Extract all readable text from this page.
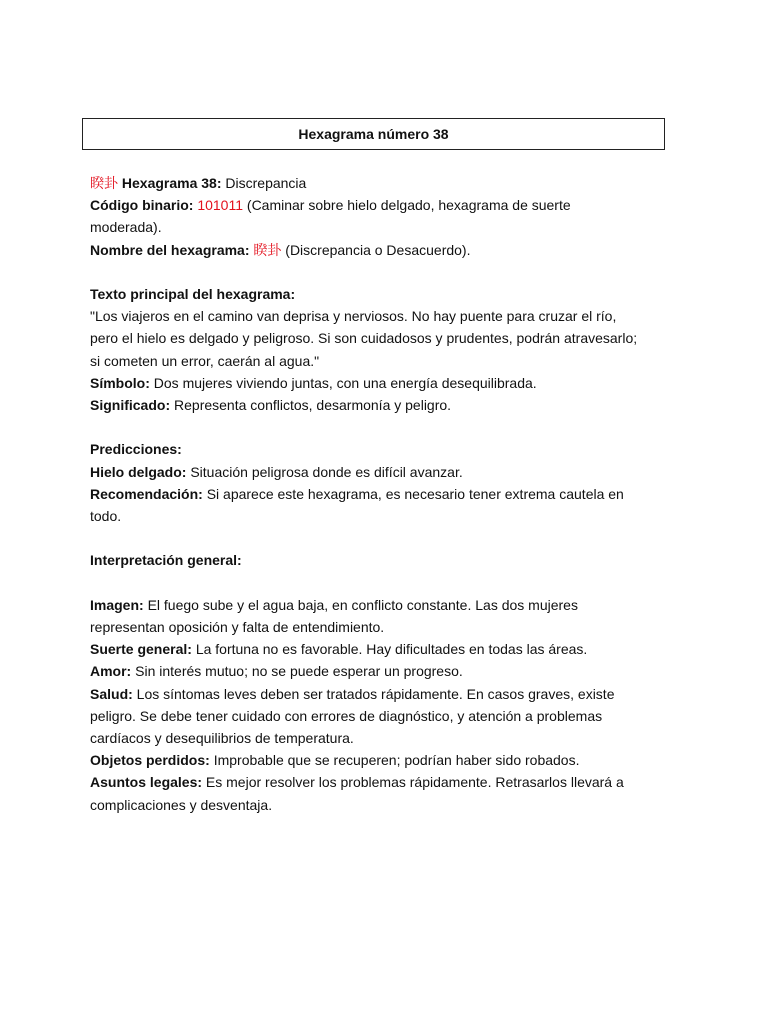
Hexagrama número 38

睽卦 Hexagrama 38: Discrepancia

Código binario: 101011 (Caminar sobre hielo delgado, hexagrama de suerte

moderada).

Nombre del hexagrama: 睽卦 (Discrepancia o Desacuerdo).

Texto principal del hexagrama:

"Los viajeros en el camino van deprisa y nerviosos. No hay puente para cruzar el río,

pero el hielo es delgado y peligroso. Si son cuidadosos y prudentes, podrán atravesarlo;

si cometen un error, caerán al agua."

Símbolo: Dos mujeres viviendo juntas, con una energía desequilibrada.

Significado: Representa conflictos, desarmonía y peligro.

Predicciones:

Hielo delgado: Situación peligrosa donde es difícil avanzar.

Recomendación: Si aparece este hexagrama, es necesario tener extrema cautela en

todo.

Interpretación general:

Imagen: El fuego sube y el agua baja, en conflicto constante. Las dos mujeres

representan oposición y falta de entendimiento.

Suerte general: La fortuna no es favorable. Hay dificultades en todas las áreas.

Amor: Sin interés mutuo; no se puede esperar un progreso.

Salud: Los síntomas leves deben ser tratados rápidamente. En casos graves, existe

peligro. Se debe tener cuidado con errores de diagnóstico, y atención a problemas

cardíacos y desequilibrios de temperatura.

Objetos perdidos: Improbable que se recuperen; podrían haber sido robados.

Asuntos legales: Es mejor resolver los problemas rápidamente. Retrasarlos llevará a

complicaciones y desventaja.
